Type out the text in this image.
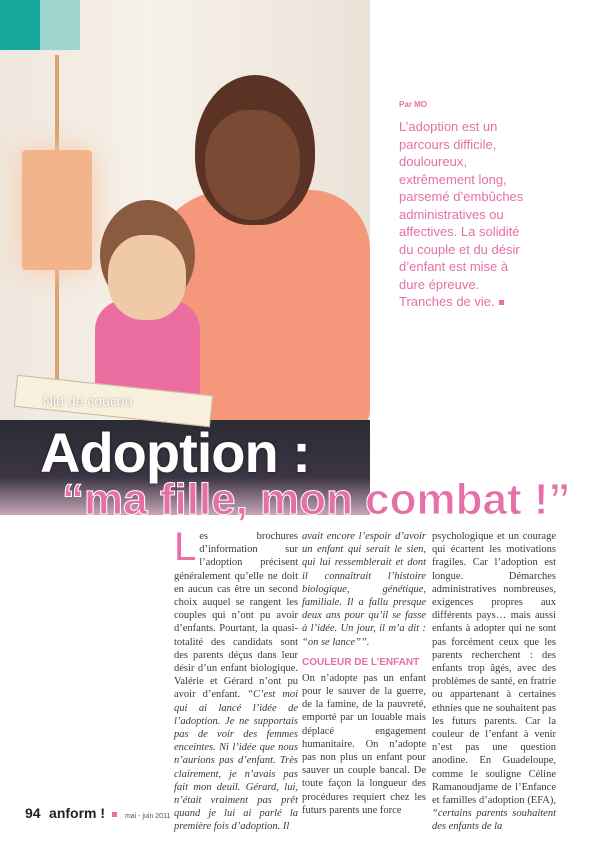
Nid de coucou
Adoption :
“ma fille, mon combat !”
Par MO
L’adoption est un parcours difficile, douloureux, extrêmement long, parsemé d’embûches administratives ou affectives. La solidité du couple et du désir d’enfant est mise à dure épreuve. Tranches de vie.
L es brochures d’information sur l’adoption précisent généralement qu’elle ne doit en aucun cas être un second choix auquel se rangent les couples qui n’ont pu avoir d’enfants. Pourtant, la quasi-totalité des candidats sont des parents déçus dans leur désir d’un enfant biologique. Valérie et Gérard n’ont pu avoir d’enfant. “C’est moi qui ai lancé l’idée de l’adoption. Je ne supportais pas de voir des femmes enceintes. Ni l’idée que nous n’aurions pas d’enfant. Très clairement, je n’avais pas fait mon deuil. Gérard, lui, n’était vraiment pas prêt quand je lui ai parlé la première fois d’adoption. Il

avait encore l’espoir d’avoir un enfant qui serait le sien, qui lui ressemblerait et dont il connaîtrait l’histoire biologique, génétique, familiale. Il a fallu presque deux ans pour qu’il se fasse à l’idée. Un jour, il m’a dit : “on se lance””.

COULEUR DE L’ENFANT

On n’adopte pas un enfant pour le sauver de la guerre, de la famine, de la pauvreté, emporté par un louable mais déplacé engagement humanitaire. On n’adopte pas non plus un enfant pour sauver un couple bancal. De toute façon la longueur des procédures requiert chez les futurs parents une force

psychologique et un courage qui écartent les motivations fragiles. Car l’adoption est longue. Démarches administratives nombreuses, exigences propres aux différents pays… mais aussi enfants à adopter qui ne sont pas forcément ceux que les parents recherchent : des enfants trop âgés, avec des problèmes de santé, en fratrie ou appartenant à certaines ethnies que ne souhaitent pas les futurs parents. Car la couleur de l’enfant à venir n’est pas une question anodine. En Guadeloupe, comme le souligne Céline Ramanoudjame de l’Enfance et familles d’adoption (EFA), “certains parents souhaitent des enfants de la

94 anform !	mai - juin 2011
